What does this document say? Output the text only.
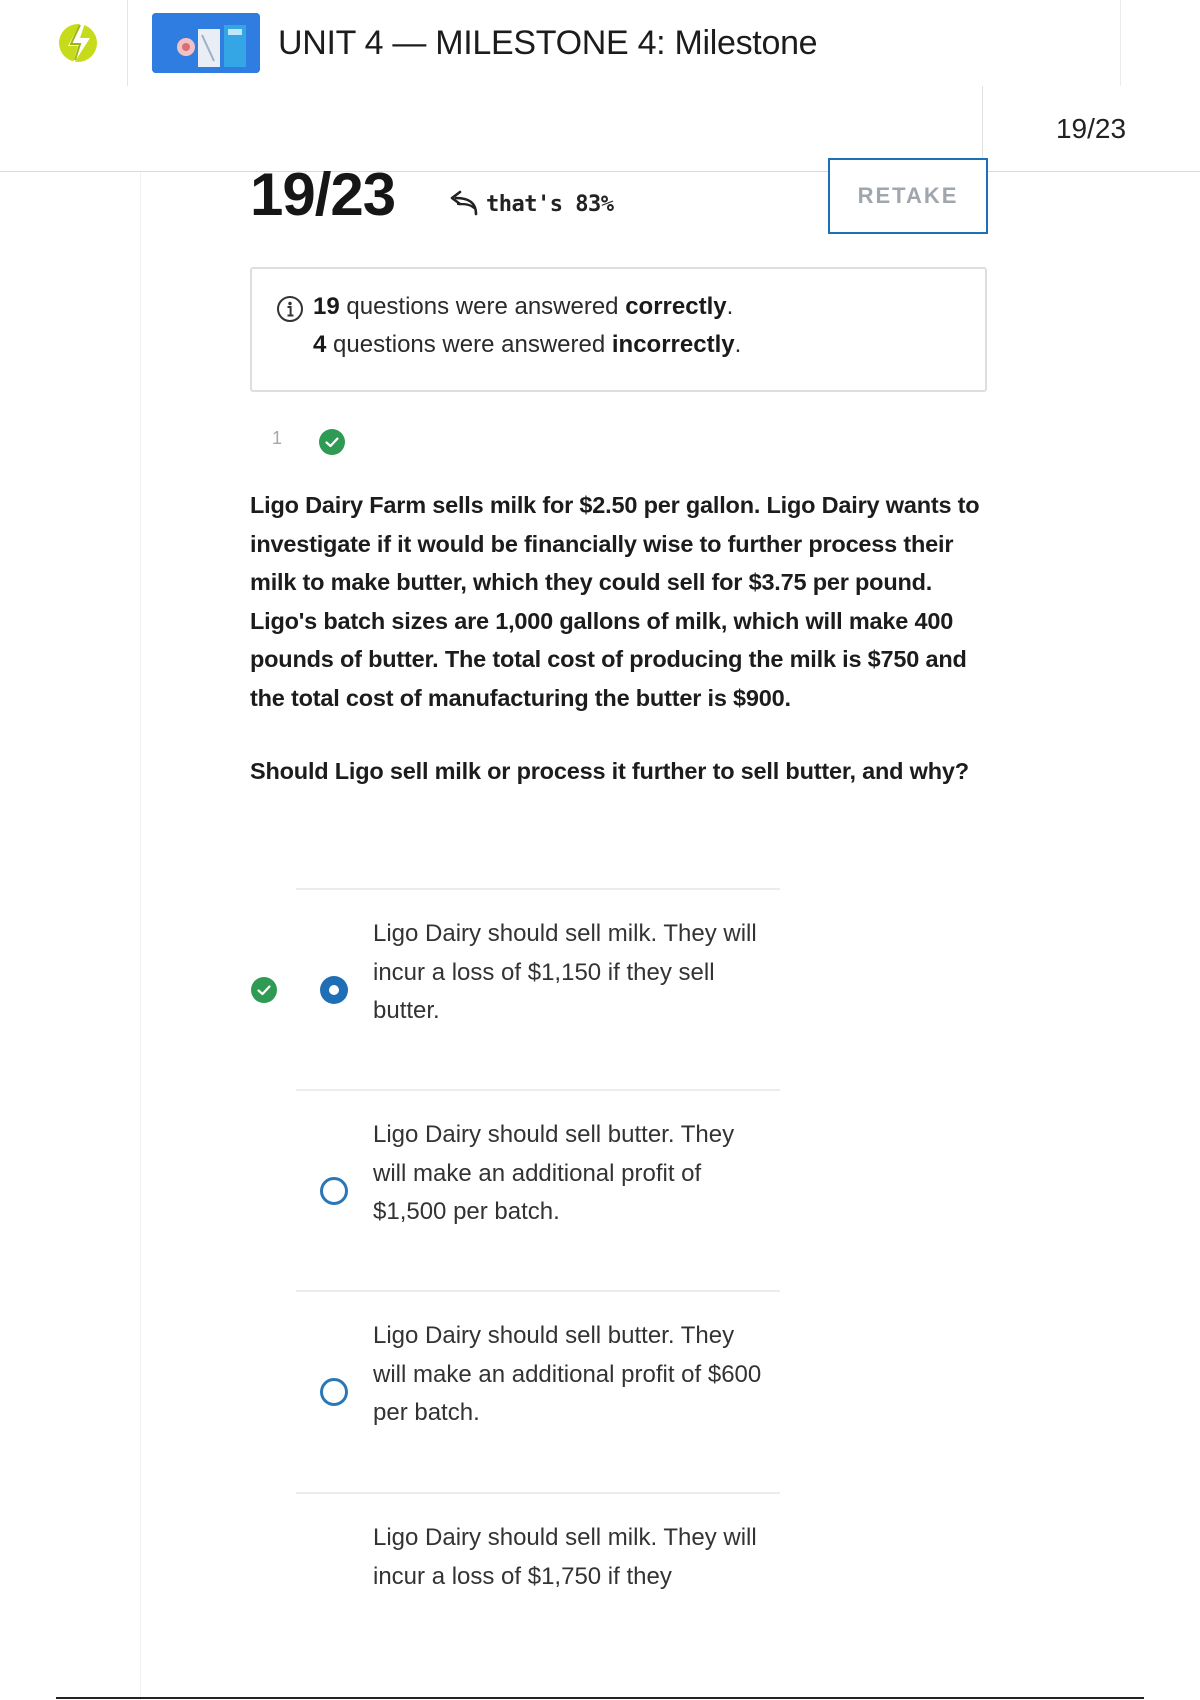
UNIT 4 — MILESTONE 4: Milestone
19/23
19/23	that's 83%	RETAKE
19 questions were answered correctly.
4 questions were answered incorrectly.
1
Ligo Dairy Farm sells milk for $2.50 per gallon. Ligo Dairy wants to investigate if it would be financially wise to further process their milk to make butter, which they could sell for $3.75 per pound. Ligo's batch sizes are 1,000 gallons of milk, which will make 400 pounds of butter. The total cost of producing the milk is $750 and the total cost of manufacturing the butter is $900.
Should Ligo sell milk or process it further to sell butter, and why?
Ligo Dairy should sell milk. They will incur a loss of $1,150 if they sell butter.
Ligo Dairy should sell butter. They will make an additional profit of $1,500 per batch.
Ligo Dairy should sell butter. They will make an additional profit of $600 per batch.
Ligo Dairy should sell milk. They will incur a loss of $1,750 if they
